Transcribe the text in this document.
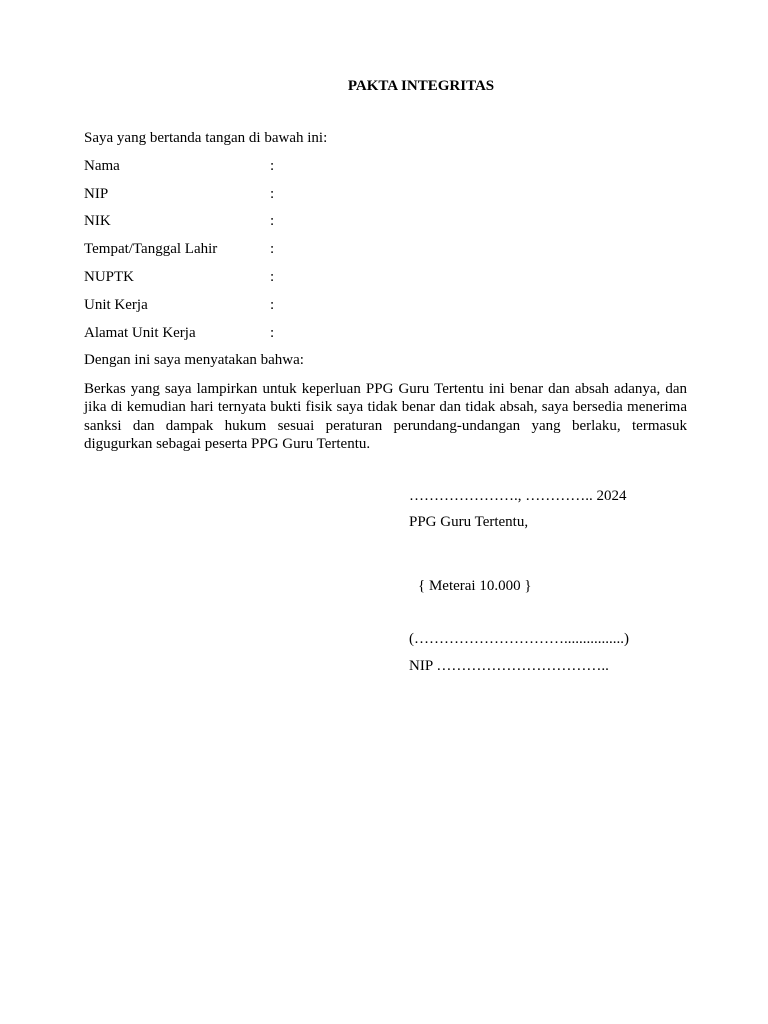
PAKTA INTEGRITAS
Saya yang bertanda tangan di bawah ini:
Nama	:
NIP	:
NIK	:
Tempat/Tanggal Lahir	:
NUPTK	:
Unit Kerja	:
Alamat Unit Kerja	:
Dengan ini saya menyatakan bahwa:
Berkas yang saya lampirkan untuk keperluan PPG Guru Tertentu ini benar dan absah adanya, dan jika di kemudian hari ternyata bukti fisik saya tidak benar dan tidak absah, saya bersedia menerima sanksi dan dampak hukum sesuai peraturan perundang-undangan yang berlaku, termasuk digugurkan sebagai peserta PPG Guru Tertentu.
…………………., ………….. 2024
PPG Guru Tertentu,
{ Meterai 10.000 }
(…………………………................)
NIP ……………………………..
